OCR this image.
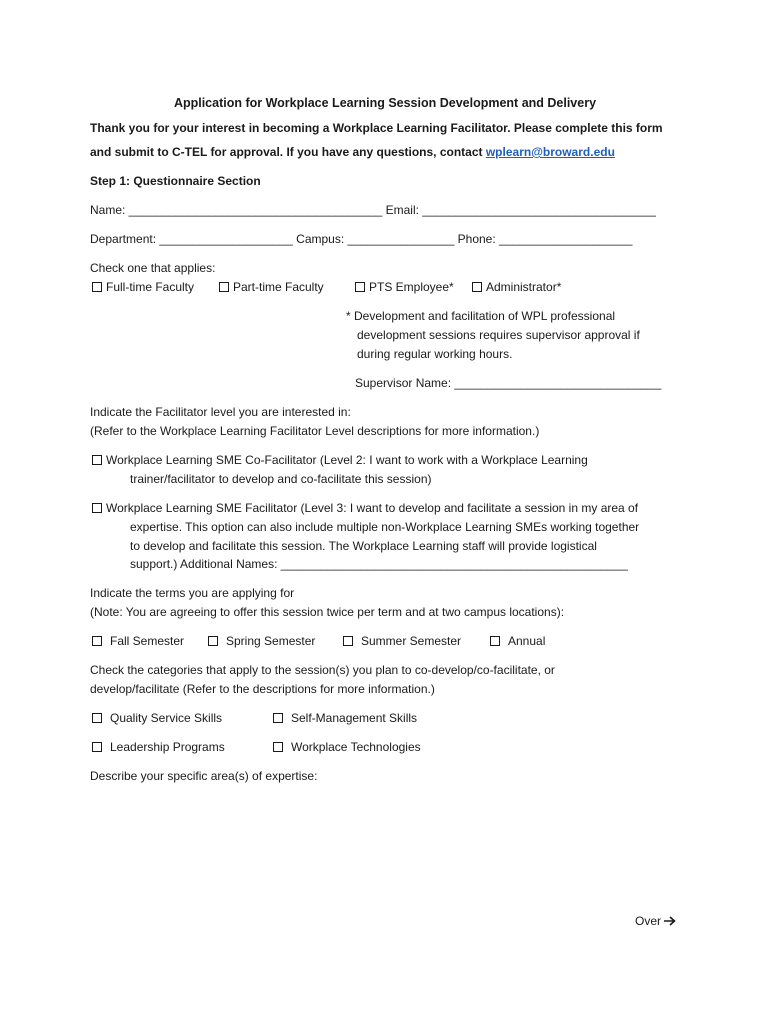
Application for Workplace Learning Session Development and Delivery
Thank you for your interest in becoming a Workplace Learning Facilitator. Please complete this form
and submit to C-TEL for approval. If you have any questions, contact wplearn@broward.edu
Step 1: Questionnaire Section
Name: ______________________________________ Email: ___________________________________
Department: ____________________ Campus: ________________ Phone: ____________________
Check one that applies:
Full-time Faculty	Part-time Faculty	PTS Employee*	Administrator*
* Development and facilitation of WPL professional
development sessions requires supervisor approval if
during regular working hours.
Supervisor Name: _______________________________
Indicate the Facilitator level you are interested in:
(Refer to the Workplace Learning Facilitator Level descriptions for more information.)
Workplace Learning SME Co-Facilitator (Level 2: I want to work with a Workplace Learning
trainer/facilitator to develop and co-facilitate this session)
Workplace Learning SME Facilitator (Level 3: I want to develop and facilitate a session in my area of
expertise. This option can also include multiple non-Workplace Learning SMEs working together
to develop and facilitate this session. The Workplace Learning staff will provide logistical
support.) Additional Names: ____________________________________________________
Indicate the terms you are applying for
(Note: You are agreeing to offer this session twice per term and at two campus locations):
Fall Semester	Spring Semester	Summer Semester	Annual
Check the categories that apply to the session(s) you plan to co-develop/co-facilitate, or
develop/facilitate (Refer to the descriptions for more information.)
Quality Service Skills	Self-Management Skills
Leadership Programs	Workplace Technologies
Describe your specific area(s) of expertise:
Over
